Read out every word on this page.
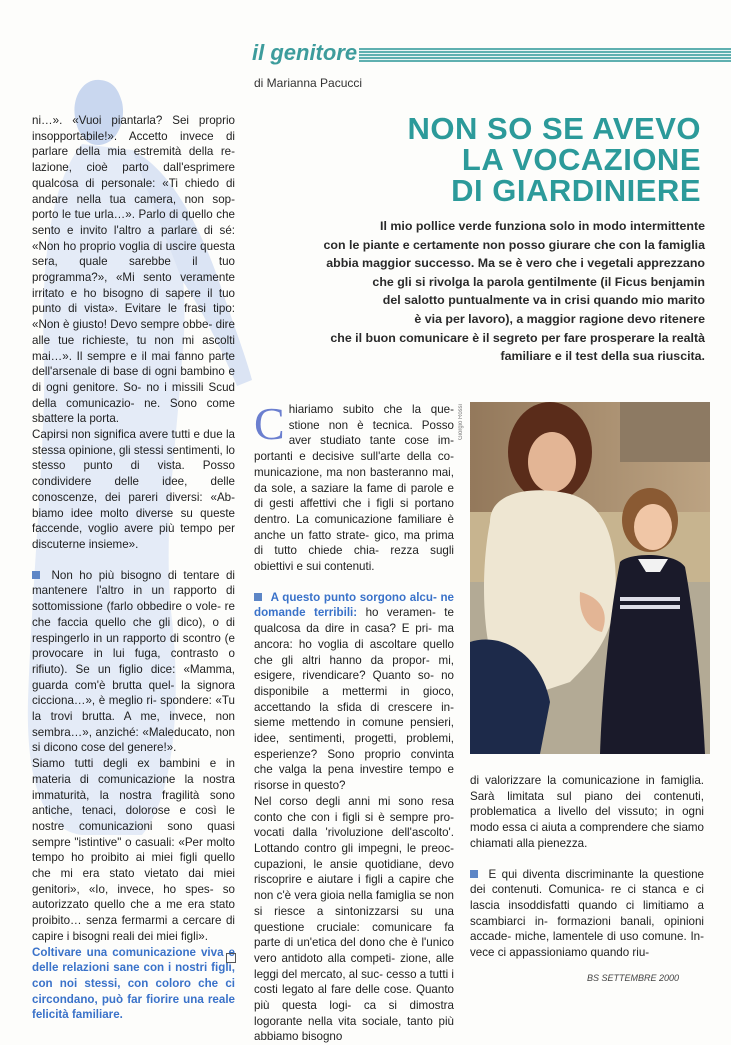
il genitore
di Marianna Pacucci
NON SO SE AVEVO
LA VOCAZIONE
DI GIARDINIERE
Il mio pollice verde funziona solo in modo intermittente
con le piante e certamente non posso giurare che con la famiglia
abbia maggior successo. Ma se è vero che i vegetali apprezzano
che gli si rivolga la parola gentilmente (il Ficus benjamin
del salotto puntualmente va in crisi quando mio marito
è via per lavoro), a maggior ragione devo ritenere
che il buon comunicare è il segreto per fare prosperare la realtà
familiare e il test della sua riuscita.

ni…». «Vuoi piantarla? Sei proprio insopportabile!». Accetto invece di parlare della mia estremità della re- lazione, cioè parto dall'esprimere qualcosa di personale: «Ti chiedo di andare nella tua camera, non sop- porto le tue urla…». Parlo di quello che sento e invito l'altro a parlare di sé: «Non ho proprio voglia di uscire questa sera, quale sarebbe il tuo programma?», «Mi sento veramente irritato e ho bisogno di sapere il tuo punto di vista». Evitare le frasi tipo: «Non è giusto! Devo sempre obbe- dire alle tue richieste, tu non mi ascolti mai…». Il sempre e il mai fanno parte dell'arsenale di base di ogni bambino e di ogni genitore. So- no i missili Scud della comunicazio- ne. Sono come sbattere la porta.

Capirsi non significa avere tutti e due la stessa opinione, gli stessi sentimenti, lo stesso punto di vista. Posso condividere delle idee, delle conoscenze, dei pareri diversi: «Ab- biamo idee molto diverse su queste faccende, voglio avere più tempo per discuterne insieme».

Non ho più bisogno di tentare di mantenere l'altro in un rapporto di sottomissione (farlo obbedire o vole- re che faccia quello che gli dico), o di respingerlo in un rapporto di scontro (e provocare in lui fuga, contrasto o rifiuto). Se un figlio dice: «Mamma, guarda com'è brutta quel- la signora cicciona…», è meglio ri- spondere: «Tu la trovi brutta. A me, invece, non sembra…», anziché: «Maleducato, non si dicono cose del genere!».

Siamo tutti degli ex bambini e in materia di comunicazione la nostra immaturità, la nostra fragilità sono antiche, tenaci, dolorose e così le nostre comunicazioni sono quasi sempre "istintive" o casuali: «Per molto tempo ho proibito ai miei figli quello che mi era stato vietato dai miei genitori», «Io, invece, ho spes- so autorizzato quello che a me era stato proibito… senza fermarmi a cercare di capire i bisogni reali dei miei figli».

Coltivare una comunicazione viva e delle relazioni sane con i nostri figli, con noi stessi, con coloro che ci circondano, può far fiorire una reale felicità familiare.

C hiariamo subito che la que- stione non è tecnica. Posso aver studiato tante cose im- portanti e decisive sull'arte della co- municazione, ma non basteranno mai, da sole, a saziare la fame di parole e di gesti affettivi che i figli si portano dentro. La comunicazione familiare è anche un fatto strate- gico, ma prima di tutto chiede chia- rezza sugli obiettivi e sui contenuti.

A questo punto sorgono alcu- ne domande terribili: ho veramen- te qualcosa da dire in casa? E pri- ma ancora: ho voglia di ascoltare quello che gli altri hanno da propor- mi, esigere, rivendicare? Quanto so- no disponibile a mettermi in gioco, accettando la sfida di crescere in- sieme mettendo in comune pensieri, idee, sentimenti, progetti, problemi, esperienze? Sono proprio convinta che valga la pena investire tempo e risorse in questo?

Nel corso degli anni mi sono resa conto che con i figli si è sempre pro- vocati dalla 'rivoluzione dell'ascolto'. Lottando contro gli impegni, le preoc- cupazioni, le ansie quotidiane, devo riscoprire e aiutare i figli a capire che non c'è vera gioia nella famiglia se non si riesce a sintonizzarsi su una questione cruciale: comunicare fa parte di un'etica del dono che è l'unico vero antidoto alla competi- zione, alle leggi del mercato, al suc- cesso a tutti i costi legato al fare delle cose. Quanto più questa logi- ca si dimostra logorante nella vita sociale, tanto più abbiamo bisogno

Giorgio Rossi

di valorizzare la comunicazione in famiglia. Sarà limitata sul piano dei contenuti, problematica a livello del vissuto; in ogni modo essa ci aiuta a comprendere che siamo chiamati alla pienezza.

E qui diventa discriminante la questione dei contenuti. Comunica- re ci stanca e ci lascia insoddisfatti quando ci limitiamo a scambiarci in- formazioni banali, opinioni accade- miche, lamentele di uso comune. In- vece ci appassioniamo quando riu-

BS SETTEMBRE 2000
